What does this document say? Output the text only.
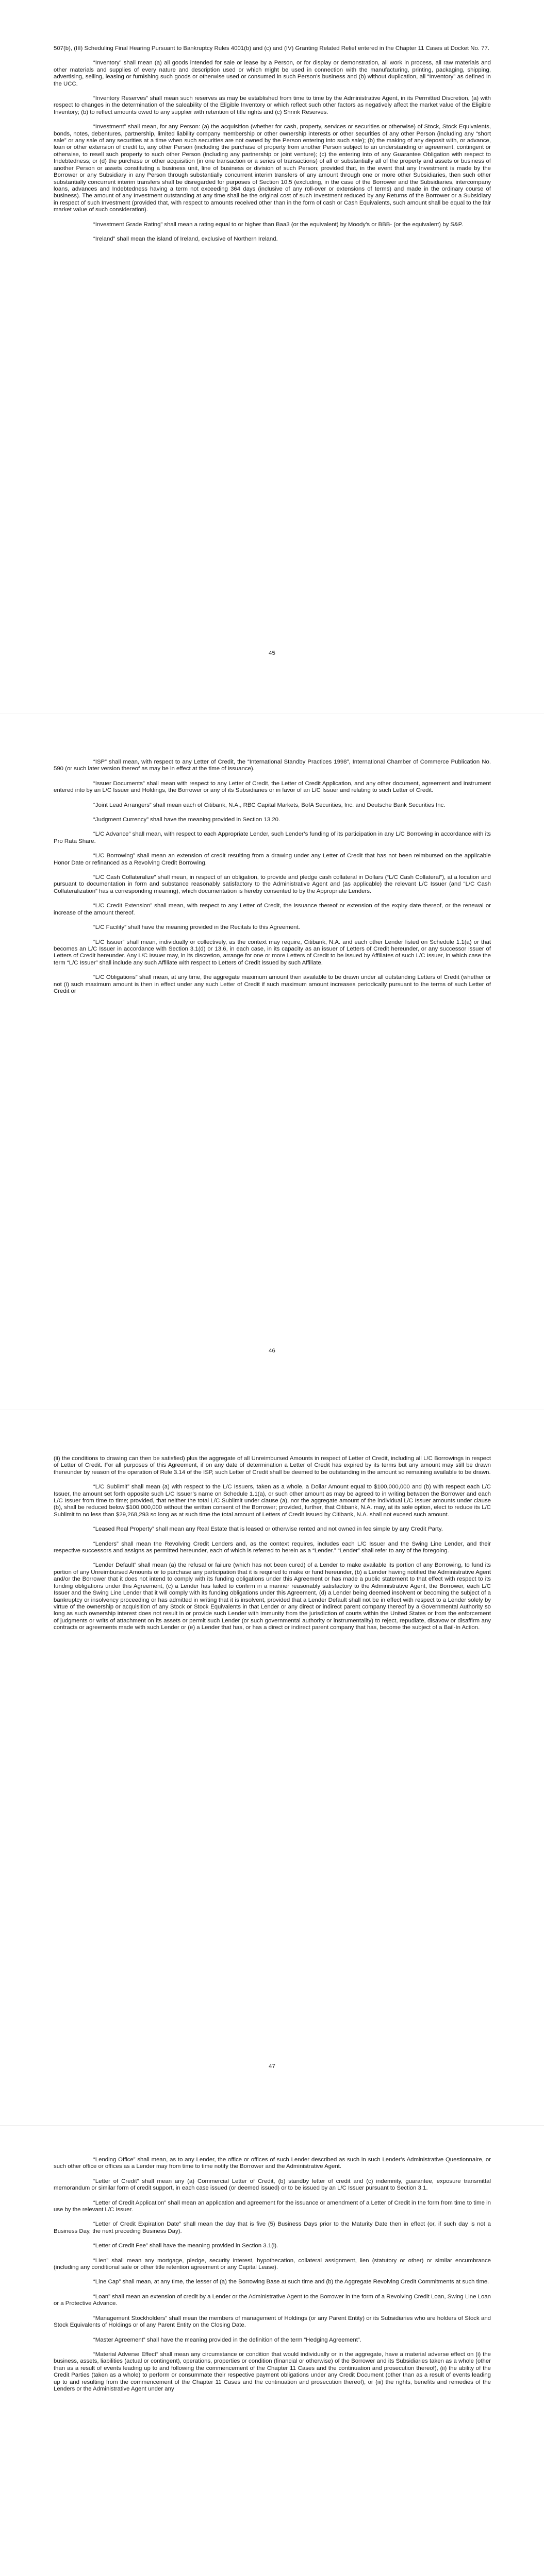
507(b), (III) Scheduling Final Hearing Pursuant to Bankruptcy Rules 4001(b) and (c) and (IV) Granting Related Relief entered in the Chapter 11 Cases at Docket No. 77.

“Inventory” shall mean (a) all goods intended for sale or lease by a Person, or for display or demonstration, all work in process, all raw materials and other materials and supplies of every nature and description used or which might be used in connection with the manufacturing, printing, packaging, shipping, advertising, selling, leasing or furnishing such goods or otherwise used or consumed in such Person’s business and (b) without duplication, all “Inventory” as defined in the UCC.

“Inventory Reserves” shall mean such reserves as may be established from time to time by the Administrative Agent, in its Permitted Discretion, (a) with respect to changes in the determination of the saleability of the Eligible Inventory or which reflect such other factors as negatively affect the market value of the Eligible Inventory; (b) to reflect amounts owed to any supplier with retention of title rights and (c) Shrink Reserves.

“Investment” shall mean, for any Person: (a) the acquisition (whether for cash, property, services or securities or otherwise) of Stock, Stock Equivalents, bonds, notes, debentures, partnership, limited liability company membership or other ownership interests or other securities of any other Person (including any “short sale” or any sale of any securities at a time when such securities are not owned by the Person entering into such sale); (b) the making of any deposit with, or advance, loan or other extension of credit to, any other Person (including the purchase of property from another Person subject to an understanding or agreement, contingent or otherwise, to resell such property to such other Person (including any partnership or joint venture); (c) the entering into of any Guarantee Obligation with respect to Indebtedness; or (d) the purchase or other acquisition (in one transaction or a series of transactions) of all or substantially all of the property and assets or business of another Person or assets constituting a business unit, line of business or division of such Person; provided that, in the event that any Investment is made by the Borrower or any Subsidiary in any Person through substantially concurrent interim transfers of any amount through one or more other Subsidiaries, then such other substantially concurrent interim transfers shall be disregarded for purposes of Section 10.5 (excluding, in the case of the Borrower and the Subsidiaries, intercompany loans, advances and Indebtedness having a term not exceeding 364 days (inclusive of any roll-over or extensions of terms) and made in the ordinary course of business). The amount of any Investment outstanding at any time shall be the original cost of such Investment reduced by any Returns of the Borrower or a Subsidiary in respect of such Investment (provided that, with respect to amounts received other than in the form of cash or Cash Equivalents, such amount shall be equal to the fair market value of such consideration).

“Investment Grade Rating” shall mean a rating equal to or higher than Baa3 (or the equivalent) by Moody’s or BBB- (or the equivalent) by S&P.

“Ireland” shall mean the island of Ireland, exclusive of Northern Ireland.

45

“ISP” shall mean, with respect to any Letter of Credit, the “International Standby Practices 1998”, International Chamber of Commerce Publication No. 590 (or such later version thereof as may be in effect at the time of issuance).

“Issuer Documents” shall mean with respect to any Letter of Credit, the Letter of Credit Application, and any other document, agreement and instrument entered into by an L/C Issuer and Holdings, the Borrower or any of its Subsidiaries or in favor of an L/C Issuer and relating to such Letter of Credit.

“Joint Lead Arrangers” shall mean each of Citibank, N.A., RBC Capital Markets, BofA Securities, Inc. and Deutsche Bank Securities Inc.

“Judgment Currency” shall have the meaning provided in Section 13.20.

“L/C Advance” shall mean, with respect to each Appropriate Lender, such Lender’s funding of its participation in any L/C Borrowing in accordance with its Pro Rata Share.

“L/C Borrowing” shall mean an extension of credit resulting from a drawing under any Letter of Credit that has not been reimbursed on the applicable Honor Date or refinanced as a Revolving Credit Borrowing.

“L/C Cash Collateralize” shall mean, in respect of an obligation, to provide and pledge cash collateral in Dollars (“L/C Cash Collateral”), at a location and pursuant to documentation in form and substance reasonably satisfactory to the Administrative Agent and (as applicable) the relevant L/C Issuer (and “L/C Cash Collateralization” has a corresponding meaning), which documentation is hereby consented to by the Appropriate Lenders.

“L/C Credit Extension” shall mean, with respect to any Letter of Credit, the issuance thereof or extension of the expiry date thereof, or the renewal or increase of the amount thereof.

“L/C Facility” shall have the meaning provided in the Recitals to this Agreement.

“L/C Issuer” shall mean, individually or collectively, as the context may require, Citibank, N.A. and each other Lender listed on Schedule 1.1(a) or that becomes an L/C Issuer in accordance with Section 3.1(d) or 13.6, in each case, in its capacity as an issuer of Letters of Credit hereunder, or any successor issuer of Letters of Credit hereunder. Any L/C Issuer may, in its discretion, arrange for one or more Letters of Credit to be issued by Affiliates of such L/C Issuer, in which case the term “L/C Issuer” shall include any such Affiliate with respect to Letters of Credit issued by such Affiliate.

“L/C Obligations” shall mean, at any time, the aggregate maximum amount then available to be drawn under all outstanding Letters of Credit (whether or not (i) such maximum amount is then in effect under any such Letter of Credit if such maximum amount increases periodically pursuant to the terms of such Letter of Credit or

46

(ii) the conditions to drawing can then be satisfied) plus the aggregate of all Unreimbursed Amounts in respect of Letter of Credit, including all L/C Borrowings in respect of Letter of Credit. For all purposes of this Agreement, if on any date of determination a Letter of Credit has expired by its terms but any amount may still be drawn thereunder by reason of the operation of Rule 3.14 of the ISP, such Letter of Credit shall be deemed to be outstanding in the amount so remaining available to be drawn.

“L/C Sublimit” shall mean (a) with respect to the L/C Issuers, taken as a whole, a Dollar Amount equal to $100,000,000 and (b) with respect each L/C Issuer, the amount set forth opposite such L/C Issuer’s name on Schedule 1.1(a), or such other amount as may be agreed to in writing between the Borrower and each L/C Issuer from time to time; provided, that neither the total L/C Sublimit under clause (a), nor the aggregate amount of the individual L/C Issuer amounts under clause (b), shall be reduced below $100,000,000 without the written consent of the Borrower; provided, further, that Citibank, N.A. may, at its sole option, elect to reduce its L/C Sublimit to no less than $29,268,293 so long as at such time the total amount of Letters of Credit issued by Citibank, N.A. shall not exceed such amount.

“Leased Real Property” shall mean any Real Estate that is leased or otherwise rented and not owned in fee simple by any Credit Party.

“Lenders” shall mean the Revolving Credit Lenders and, as the context requires, includes each L/C Issuer and the Swing Line Lender, and their respective successors and assigns as permitted hereunder, each of which is referred to herein as a “Lender.” “Lender” shall refer to any of the foregoing.

“Lender Default” shall mean (a) the refusal or failure (which has not been cured) of a Lender to make available its portion of any Borrowing, to fund its portion of any Unreimbursed Amounts or to purchase any participation that it is required to make or fund hereunder, (b) a Lender having notified the Administrative Agent and/or the Borrower that it does not intend to comply with its funding obligations under this Agreement or has made a public statement to that effect with respect to its funding obligations under this Agreement, (c) a Lender has failed to confirm in a manner reasonably satisfactory to the Administrative Agent, the Borrower, each L/C Issuer and the Swing Line Lender that it will comply with its funding obligations under this Agreement, (d) a Lender being deemed insolvent or becoming the subject of a bankruptcy or insolvency proceeding or has admitted in writing that it is insolvent, provided that a Lender Default shall not be in effect with respect to a Lender solely by virtue of the ownership or acquisition of any Stock or Stock Equivalents in that Lender or any direct or indirect parent company thereof by a Governmental Authority so long as such ownership interest does not result in or provide such Lender with immunity from the jurisdiction of courts within the United States or from the enforcement of judgments or writs of attachment on its assets or permit such Lender (or such governmental authority or instrumentality) to reject, repudiate, disavow or disaffirm any contracts or agreements made with such Lender or (e) a Lender that has, or has a direct or indirect parent company that has, become the subject of a Bail-In Action.

47

“Lending Office” shall mean, as to any Lender, the office or offices of such Lender described as such in such Lender’s Administrative Questionnaire, or such other office or offices as a Lender may from time to time notify the Borrower and the Administrative Agent.

“Letter of Credit” shall mean any (a) Commercial Letter of Credit, (b) standby letter of credit and (c) indemnity, guarantee, exposure transmittal memorandum or similar form of credit support, in each case issued (or deemed issued) or to be issued by an L/C Issuer pursuant to Section 3.1.

“Letter of Credit Application” shall mean an application and agreement for the issuance or amendment of a Letter of Credit in the form from time to time in use by the relevant L/C Issuer.

“Letter of Credit Expiration Date” shall mean the day that is five (5) Business Days prior to the Maturity Date then in effect (or, if such day is not a Business Day, the next preceding Business Day).

“Letter of Credit Fee” shall have the meaning provided in Section 3.1(i).

“Lien” shall mean any mortgage, pledge, security interest, hypothecation, collateral assignment, lien (statutory or other) or similar encumbrance (including any conditional sale or other title retention agreement or any Capital Lease).

“Line Cap” shall mean, at any time, the lesser of (a) the Borrowing Base at such time and (b) the Aggregate Revolving Credit Commitments at such time.

“Loan” shall mean an extension of credit by a Lender or the Administrative Agent to the Borrower in the form of a Revolving Credit Loan, Swing Line Loan or a Protective Advance.

“Management Stockholders” shall mean the members of management of Holdings (or any Parent Entity) or its Subsidiaries who are holders of Stock and Stock Equivalents of Holdings or of any Parent Entity on the Closing Date.

“Master Agreement” shall have the meaning provided in the definition of the term “Hedging Agreement”.

“Material Adverse Effect” shall mean any circumstance or condition that would individually or in the aggregate, have a material adverse effect on (i) the business, assets, liabilities (actual or contingent), operations, properties or condition (financial or otherwise) of the Borrower and its Subsidiaries taken as a whole (other than as a result of events leading up to and following the commencement of the Chapter 11 Cases and the continuation and prosecution thereof), (ii) the ability of the Credit Parties (taken as a whole) to perform or consummate their respective payment obligations under any Credit Document (other than as a result of events leading up to and resulting from the commencement of the Chapter 11 Cases and the continuation and prosecution thereof), or (iii) the rights, benefits and remedies of the Lenders or the Administrative Agent under any
